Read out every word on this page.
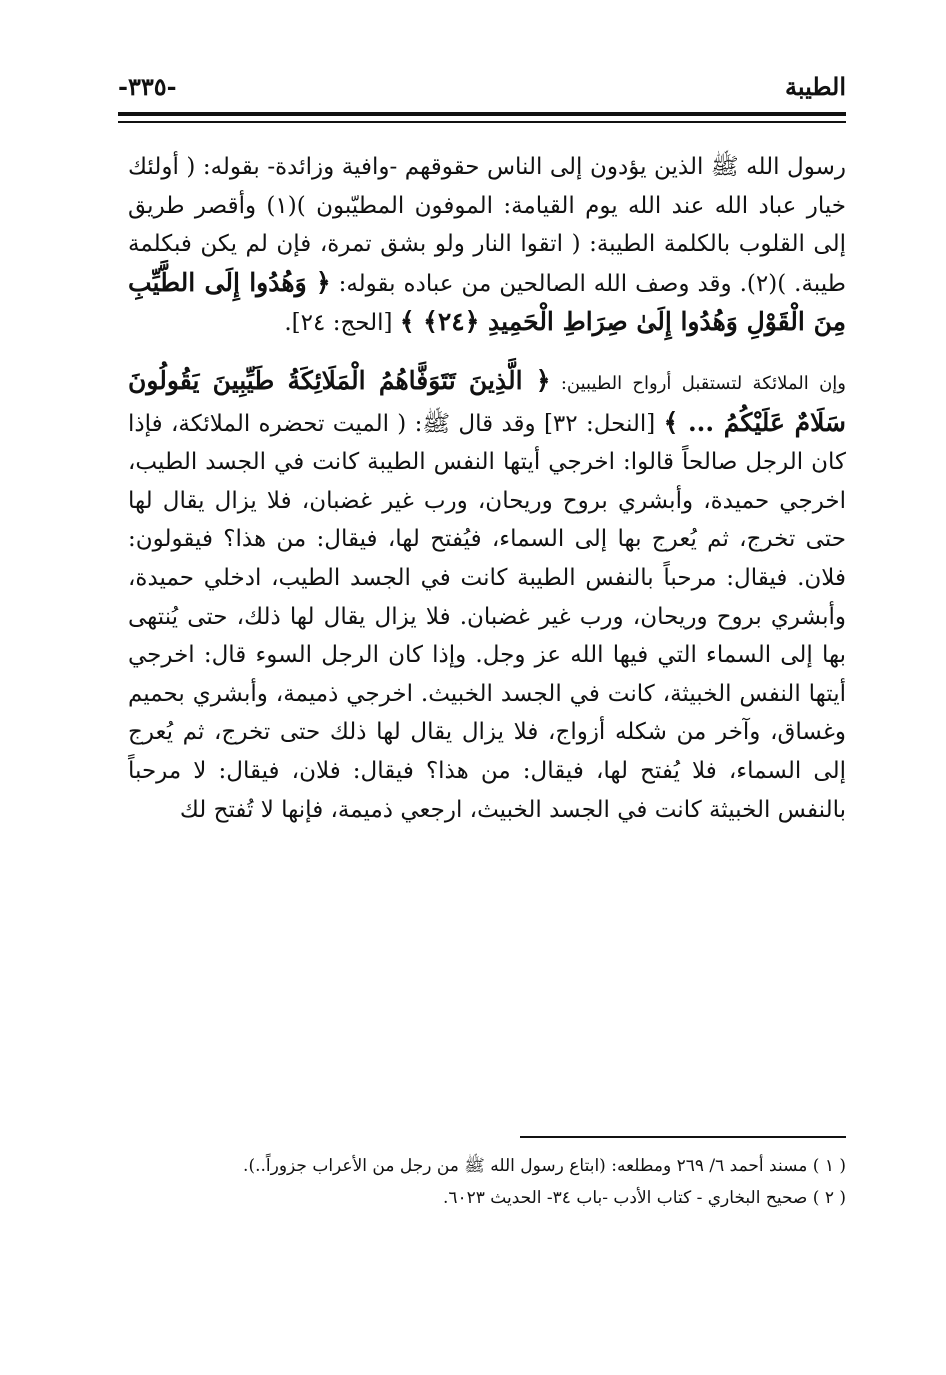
الطيبة
-٣٣٥-

رسول الله ﷺ الذين يؤدون إلى الناس حقوقهم -وافية وزائدة- بقوله: ( أولئك خيار عباد الله عند الله يوم القيامة: الموفون المطيّبون )(١) وأقصر طريق إلى القلوب بالكلمة الطيبة: ( اتقوا النار ولو بشق تمرة، فإن لم يكن فبكلمة طيبة. )(٢). وقد وصف الله الصالحين من عباده بقوله: ﴿ وَهُدُوا إِلَى الطَّيِّبِ مِنَ الْقَوْلِ وَهُدُوا إِلَىٰ صِرَاطِ الْحَمِيدِ ﴿٢٤﴾ ﴾ [الحج: ٢٤].

وإن الملائكة لتستقبل أرواح الطيبين: ﴿ الَّذِينَ تَتَوَفَّاهُمُ الْمَلَائِكَةُ طَيِّبِينَ يَقُولُونَ سَلَامٌ عَلَيْكُمُ ... ﴾ [النحل: ٣٢] وقد قال ﷺ: ( الميت تحضره الملائكة، فإذا كان الرجل صالحاً قالوا: اخرجي أيتها النفس الطيبة كانت في الجسد الطيب، اخرجي حميدة، وأبشري بروح وريحان، ورب غير غضبان، فلا يزال يقال لها حتى تخرج، ثم يُعرج بها إلى السماء، فيُفتح لها، فيقال: من هذا؟ فيقولون: فلان. فيقال: مرحباً بالنفس الطيبة كانت في الجسد الطيب، ادخلي حميدة، وأبشري بروح وريحان، ورب غير غضبان. فلا يزال يقال لها ذلك، حتى يُنتهى بها إلى السماء التي فيها الله عز وجل. وإذا كان الرجل السوء قال: اخرجي أيتها النفس الخبيثة، كانت في الجسد الخبيث. اخرجي ذميمة، وأبشري بحميم وغساق، وآخر من شكله أزواج، فلا يزال يقال لها ذلك حتى تخرج، ثم يُعرج إلى السماء، فلا يُفتح لها، فيقال: من هذا؟ فيقال: فلان، فيقال: لا مرحباً بالنفس الخبيثة كانت في الجسد الخبيث، ارجعي ذميمة، فإنها لا تُفتح لك

( ١ ) مسند أحمد ٦/ ٢٦٩ ومطلعه: (ابتاع رسول الله ﷺ من رجل من الأعراب جزوراً..).

( ٢ ) صحيح البخاري - كتاب الأدب -باب ٣٤- الحديث ٦٠٢٣.
